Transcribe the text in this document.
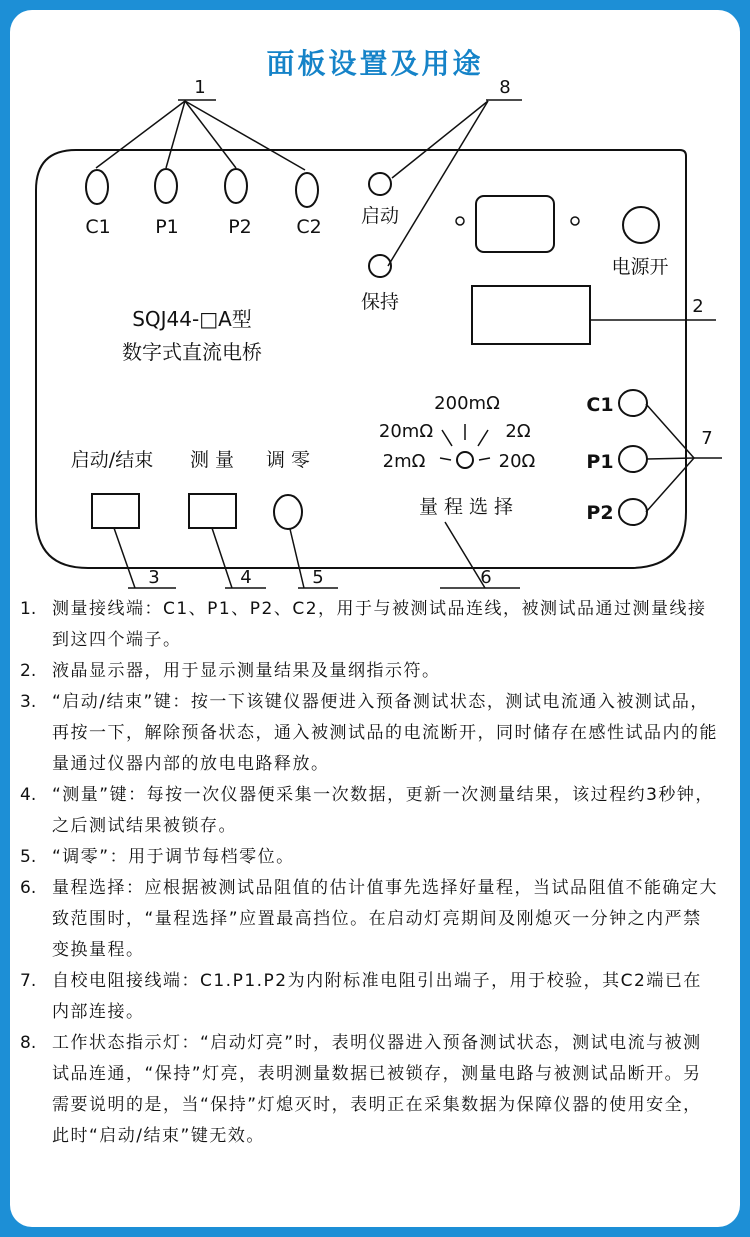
面板设置及用途
1
C1 P1	P2 C2
8
启动
保持
电源开
2
SQJ44-□A型
数字式直流电桥
200mΩ
20mΩ	2Ω
2mΩ	20Ω
量 程 选 择
6
C1
P1
P2
7
启动/结束 测 量 调 零
3	4	5
1. 测量接线端：C1、P1、P2、C2，用于与被测试品连线，被测试品通过测量线接到这四个端子。
2. 液晶显示器，用于显示测量结果及量纲指示符。
3. “启动/结束”键：按一下该键仪器便进入预备测试状态，测试电流通入被测试品，再按一下，解除预备状态，通入被测试品的电流断开，同时储存在感性试品内的能量通过仪器内部的放电电路释放。
4. “测量”键：每按一次仪器便采集一次数据，更新一次测量结果，该过程约3秒钟，之后测试结果被锁存。
5. “调零”：用于调节每档零位。
6. 量程选择：应根据被测试品阻值的估计值事先选择好量程，当试品阻值不能确定大致范围时，“量程选择”应置最高挡位。在启动灯亮期间及刚熄灭一分钟之内严禁变换量程。
7. 自校电阻接线端：C1.P1.P2为内附标准电阻引出端子，用于校验，其C2端已在内部连接。
8. 工作状态指示灯：“启动灯亮”时，表明仪器进入预备测试状态，测试电流与被测试品连通，“保持”灯亮，表明测量数据已被锁存，测量电路与被测试品断开。另需要说明的是，当“保持”灯熄灭时，表明正在采集数据为保障仪器的使用安全，此时“启动/结束”键无效。
